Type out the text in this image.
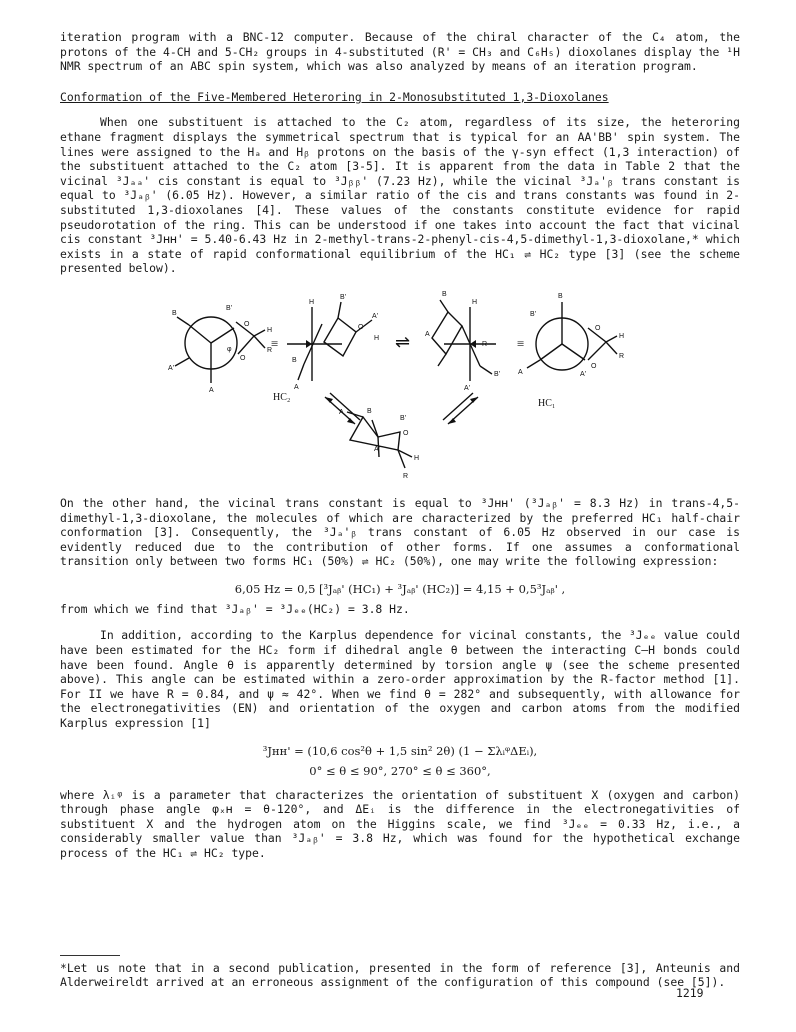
iteration program with a BNC-12 computer. Because of the chiral character of the C₄ atom, the protons of the 4-CH and 5-CH₂ groups in 4-substituted (R' = CH₃ and C₆H₅) dioxolanes display the ¹H NMR spectrum of an ABC spin system, which was also analyzed by means of an iteration program.

Conformation of the Five-Membered Heteroring in 2-Monosubstituted 1,3-Dioxolanes

When one substituent is attached to the C₂ atom, regardless of its size, the heteroring ethane fragment displays the symmetrical spectrum that is typical for an AA'BB' spin system. The lines were assigned to the Hₐ and Hᵦ protons on the basis of the γ-syn effect (1,3 interaction) of the substituent attached to the C₂ atom [3-5]. It is apparent from the data in Table 2 that the vicinal ³Jₐₐ' cis constant is equal to ³Jᵦᵦ' (7.23 Hz), while the vicinal ³Jₐ'ᵦ trans constant is equal to ³Jₐᵦ' (6.05 Hz). However, a similar ratio of the cis and trans constants was found in 2-substituted 1,3-dioxolanes [4]. These values of the constants constitute evidence for rapid pseudorotation of the ring. This can be understood if one takes into account the fact that vicinal cis constant ³Jʜʜ' = 5.40-6.43 Hz in 2-methyl-trans-2-phenyl-cis-4,5-dimethyl-1,3-dioxolane,* which exists in a state of rapid conformational equilibrium of the HC₁ ⇌ HC₂ type [3] (see the scheme presented below).

B
B'
A'
A
φ
O
O
H
R
B'
H
O
A'
B
A
H
B
A
H
B'
A'
R
B
B'
A	A'
O
O
H
R
B
A
B'
O
A'
H
R
≡	⇌	≡
HC₂
HC₁

On the other hand, the vicinal trans constant is equal to ³Jʜʜ' (³Jₐᵦ' = 8.3 Hz) in trans-4,5-dimethyl-1,3-dioxolane, the molecules of which are characterized by the preferred HC₁ half-chair conformation [3]. Consequently, the ³Jₐ'ᵦ trans constant of 6.05 Hz observed in our case is evidently reduced due to the contribution of other forms. If one assumes a conformational transition only between two forms HC₁ (50%) ⇌ HC₂ (50%), one may write the following expression:

6,05 Hz = 0,5 [³Jₐᵦ' (HC₁) + ³Jₐᵦ' (HC₂)] = 4,15 + 0,5³Jₐᵦ' ,

from which we find that ³Jₐᵦ' = ³Jₑₑ(HC₂) = 3.8 Hz.

In addition, according to the Karplus dependence for vicinal constants, the ³Jₑₑ value could have been estimated for the HC₂ form if dihedral angle θ between the interacting C–H bonds could have been found. Angle θ is apparently determined by torsion angle ψ (see the scheme presented above). This angle can be estimated within a zero-order approximation by the R-factor method [1]. For II we have R = 0.84, and ψ ≈ 42°. When we find θ = 282° and subsequently, with allowance for the electronegativities (EN) and orientation of the oxygen and carbon atoms from the modified Karplus expression [1]

³Jʜʜ' = (10,6 cos²θ + 1,5 sin² 2θ) (1 − ΣλᵢᵠΔEᵢ),
0° ≤ θ ≤ 90°, 270° ≤ θ ≤ 360°,

where λᵢᵠ is a parameter that characterizes the orientation of substituent X (oxygen and carbon) through phase angle φₓʜ = θ-120°, and ΔEᵢ is the difference in the electronegativities of substituent X and the hydrogen atom on the Higgins scale, we find ³Jₑₑ = 0.33 Hz, i.e., a considerably smaller value than ³Jₐᵦ' = 3.8 Hz, which was found for the hypothetical exchange process of the HC₁ ⇌ HC₂ type.

*Let us note that in a second publication, presented in the form of reference [3], Anteunis and Alderweireldt arrived at an erroneous assignment of the configuration of this compound (see [5]).

1219
